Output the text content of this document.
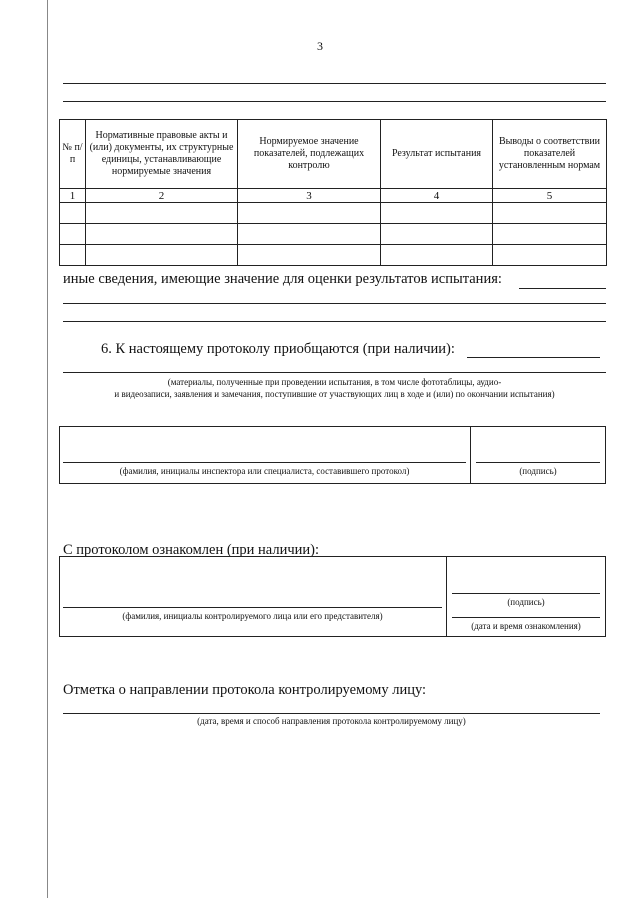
3
№ п/п	Нормативные правовые акты и (или) документы, их структурные единицы, устанавливающие нормируемые значения	Нормируемое значение показателей, подлежащих контролю	Результат испытания	Выводы о соответствии показателей установленным нормам
1	2	3	4	5

иные сведения, имеющие значение для оценки результатов испытания:
6. К настоящему протоколу приобщаются (при наличии):
(материалы, полученные при проведении испытания, в том числе фототаблицы, аудио-
и видеозаписи, заявления и замечания, поступившие от участвующих лиц в ходе и (или) по окончании испытания)
(фамилия, инициалы инспектора или специалиста, составившего протокол)	(подпись)
С протоколом ознакомлен (при наличии):
(фамилия, инициалы контролируемого лица или его представителя)
(подпись)
(дата и время ознакомления)
Отметка о направлении протокола контролируемому лицу:
(дата, время и способ направления протокола контролируемому лицу)
